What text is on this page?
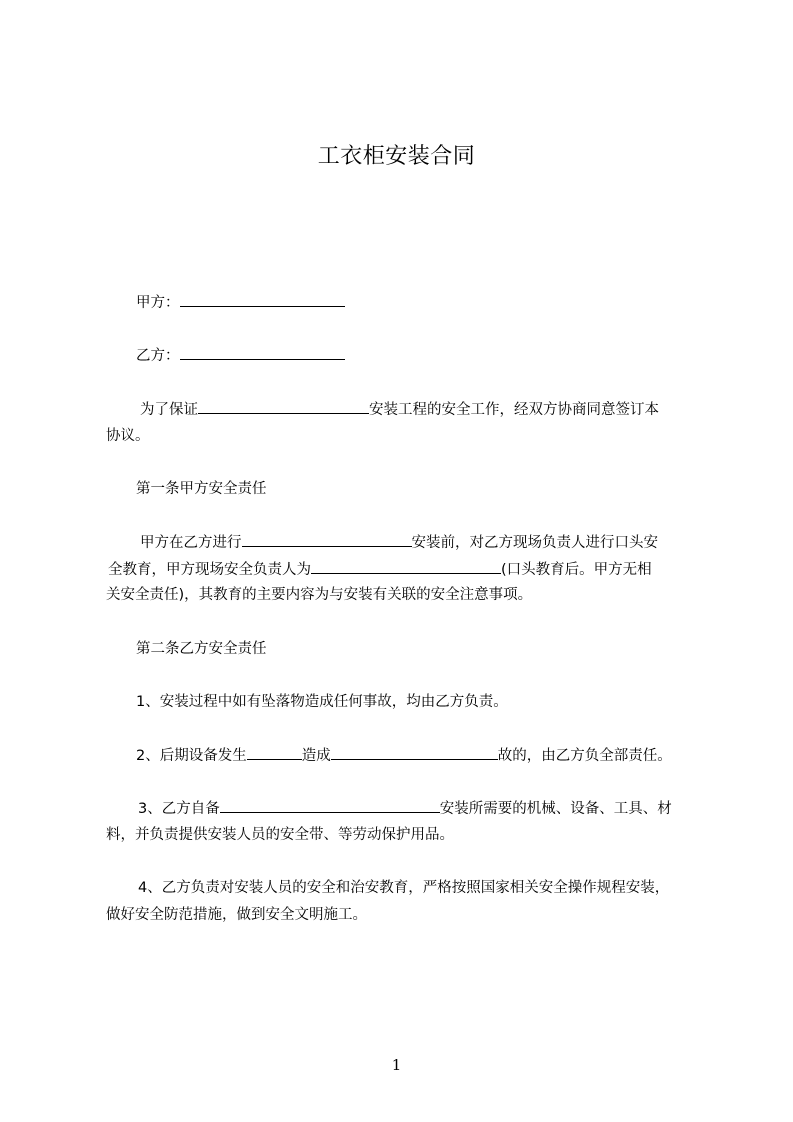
工衣柜安装合同
甲方：
乙方：
为了保证	安装工程的安全工作，经双方协商同意签订本
协议。
第一条甲方安全责任
甲方在乙方进行	安装前，对乙方现场负责人进行口头安
全教育，甲方现场安全负责人为	(口头教育后。甲方无相
关安全责任)，其教育的主要内容为与安装有关联的安全注意事项。
第二条乙方安全责任
1、安装过程中如有坠落物造成任何事故，均由乙方负责。
2、后期设备发生	造成	故的，由乙方负全部责任。
3、乙方自备	安装所需要的机械、设备、工具、材
料，并负责提供安装人员的安全带、等劳动保护用品。
4、乙方负责对安装人员的安全和治安教育，严格按照国家相关安全操作规程安装，
做好安全防范措施，做到安全文明施工。
1
